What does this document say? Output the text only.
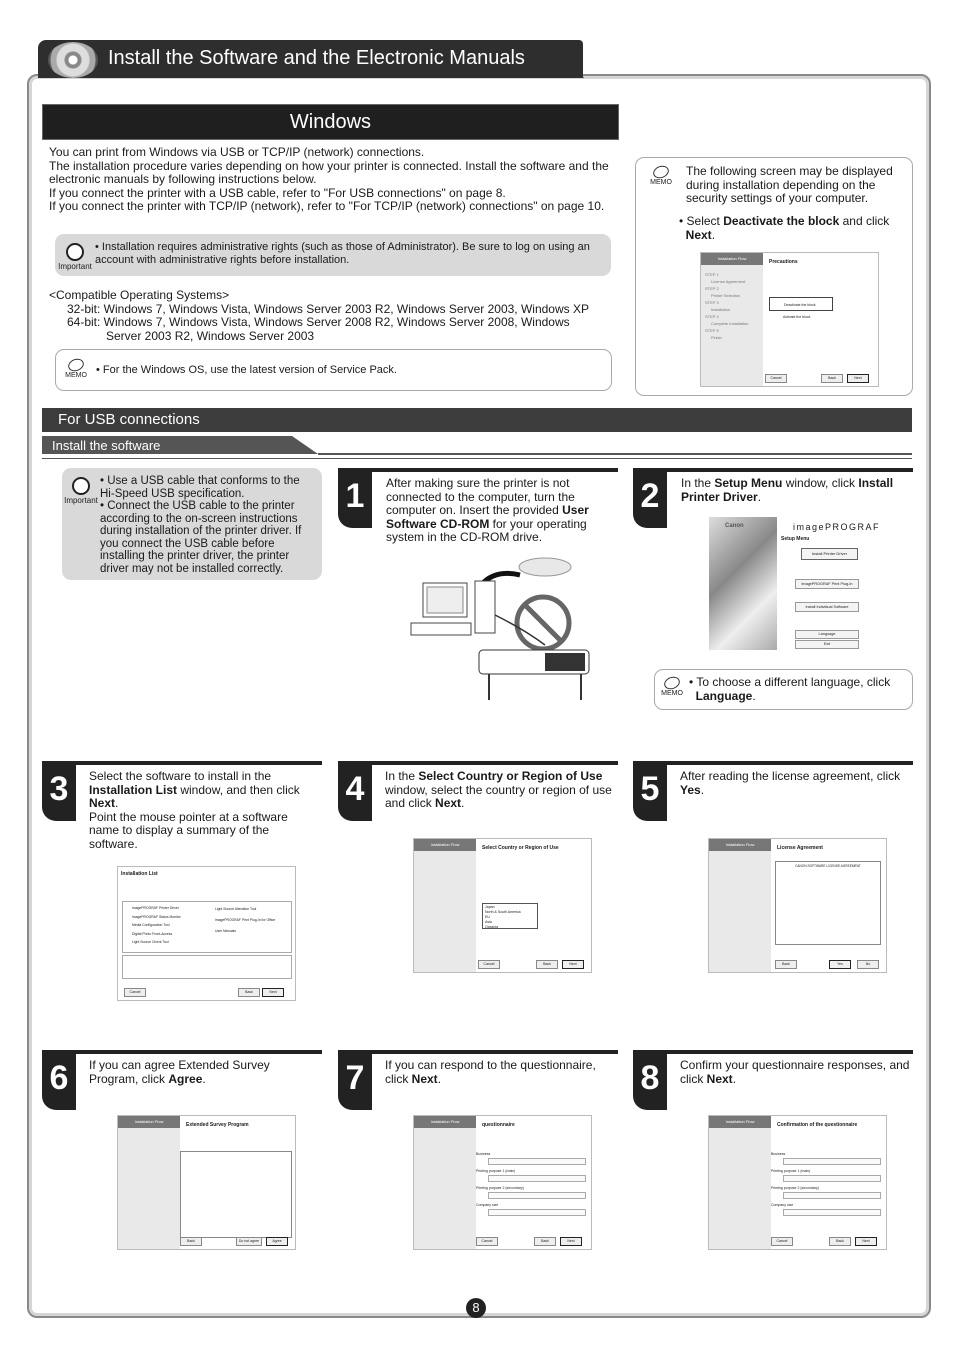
Install the Software and the Electronic Manuals
Windows
You can print from Windows via USB or TCP/IP (network) connections.
The installation procedure varies depending on how your printer is connected. Install the software and the electronic manuals by following instructions below.
If you connect the printer with a USB cable, refer to "For USB connections" on page 8.
If you connect the printer with TCP/IP (network), refer to "For TCP/IP (network) connections" on page 10.
Important
• Installation requires administrative rights (such as those of Administrator). Be sure to log on using an account with administrative rights before installation.
<Compatible Operating Systems>
32-bit: Windows 7, Windows Vista, Windows Server 2003 R2, Windows Server 2003, Windows XP
64-bit: Windows 7, Windows Vista, Windows Server 2008 R2, Windows Server 2008, Windows
Server 2003 R2, Windows Server 2003
MEMO • For the Windows OS, use the latest version of Service Pack.
MEMO
The following screen may be displayed during installation depending on the security settings of your computer.
• Select Deactivate the block and click
Next.
Installation Flow
STEP 1
License Agreement
STEP 2
Printer Selection
STEP 3
Installation
STEP 4
Complete Installation
STEP 5
Finish
Precautions
Deactivate the block
Activate the block
Cancel	Back	Next
For USB connections
Install the software
Important
• Use a USB cable that conforms to the Hi-Speed USB specification.
• Connect the USB cable to the printer according to the on-screen instructions during installation of the printer driver. If you connect the USB cable before installing the printer driver, the printer driver may not be installed correctly.
1	After making sure the printer is not connected to the computer, turn the computer on. Insert the provided User Software CD-ROM for your operating system in the CD-ROM drive.
2	In the Setup Menu window, click Install Printer Driver.
Canon	imagePROGRAF
Setup Menu
Install Printer Driver
imagePROGRAF Print Plug-In
Install Individual Software
Language
Exit
MEMO
• To choose a different language, click
Language.
3	Select the software to install in the Installation List window, and then click Next.
Point the mouse pointer at a software name to display a summary of the software.
Installation List
imagePROGRAF Printer Driver
imagePROGRAF Status Monitor
Media Configuration Tool
Digital Photo Front-Access
Light Source Check Tool
Light Source Alteration Tool
imagePROGRAF Print Plug-In for Office
User Manuals
Cancel	Back	Next
4	In the Select Country or Region of Use window, select the country or region of use and click Next.
Installation Flow
Select Country or Region of Use
Japan
North & South America
EU
Asia
Oceania
Cancel	Back	Next
5	After reading the license agreement, click Yes.
Installation Flow
License Agreement
CANON SOFTWARE LICENSE AGREEMENT
Back	Yes	No
6	If you can agree Extended Survey Program, click Agree.
Installation Flow
Extended Survey Program
Back	Do not agree	Agree
7	If you can respond to the questionnaire, click Next.
Installation Flow
questionnaire
Business
Printing purpose 1 (main)
Printing purpose 2 (secondary)
Company size
Cancel	Back	Next
8	Confirm your questionnaire responses, and click Next.
Installation Flow
Confirmation of the questionnaire
Business
Printing purpose 1 (main)
Printing purpose 2 (secondary)
Company size
Cancel	Back	Next
8
